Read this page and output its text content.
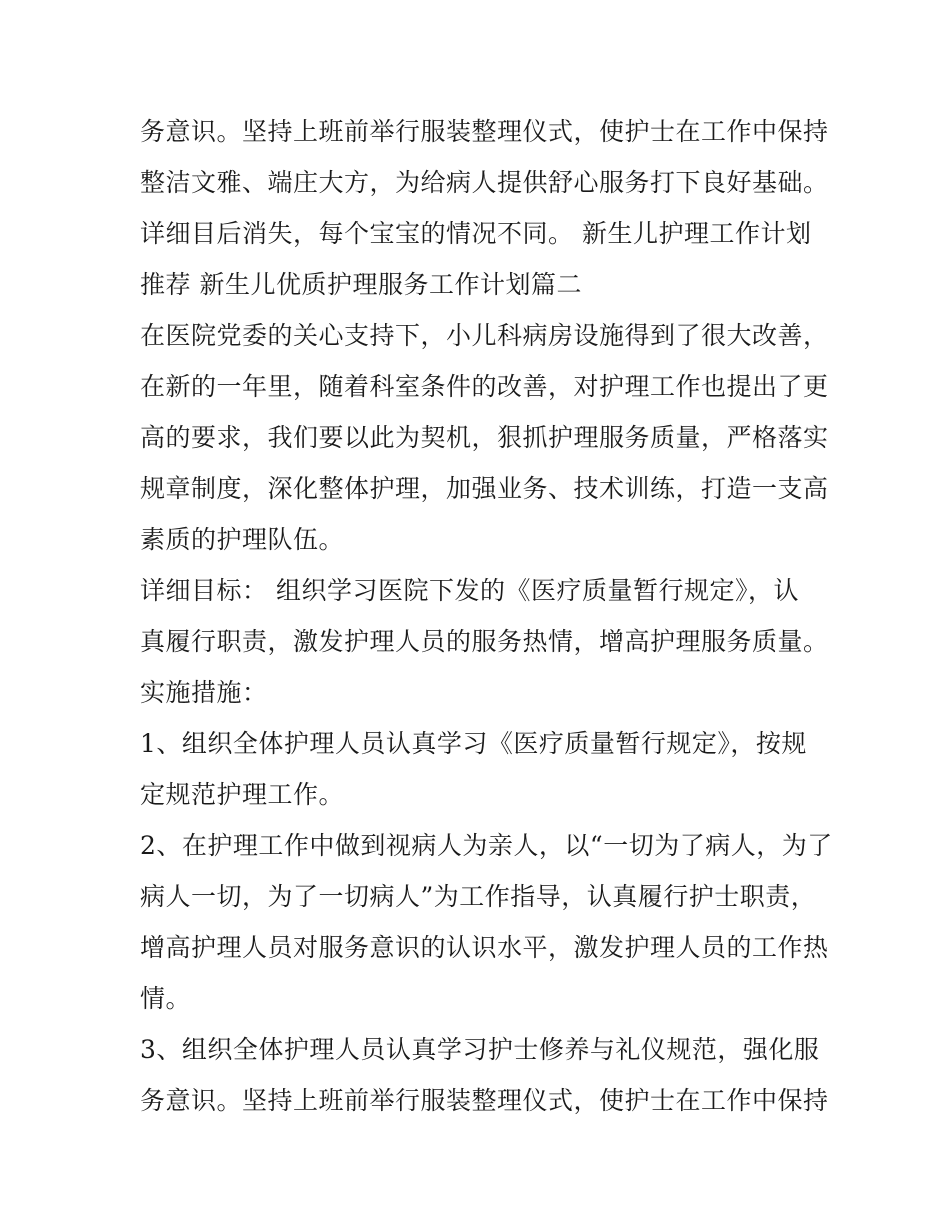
务意识。坚持上班前举行服装整理仪式，使护士在工作中保持
整洁文雅、端庄大方，为给病人提供舒心服务打下良好基础。
详细目后消失，每个宝宝的情况不同。 新生儿护理工作计划
推荐 新生儿优质护理服务工作计划篇二
在医院党委的关心支持下，小儿科病房设施得到了很大改善，
在新的一年里，随着科室条件的改善，对护理工作也提出了更
高的要求，我们要以此为契机，狠抓护理服务质量，严格落实
规章制度，深化整体护理，加强业务、技术训练，打造一支高
素质的护理队伍。
详细目标： 组织学习医院下发的《医疗质量暂行规定》，认
真履行职责，激发护理人员的服务热情，增高护理服务质量。
实施措施：
1、组织全体护理人员认真学习《医疗质量暂行规定》，按规
定规范护理工作。
2、在护理工作中做到视病人为亲人，以“一切为了病人，为了
病人一切，为了一切病人”为工作指导，认真履行护士职责，
增高护理人员对服务意识的认识水平，激发护理人员的工作热
情。
3、组织全体护理人员认真学习护士修养与礼仪规范，强化服
务意识。坚持上班前举行服装整理仪式，使护士在工作中保持
